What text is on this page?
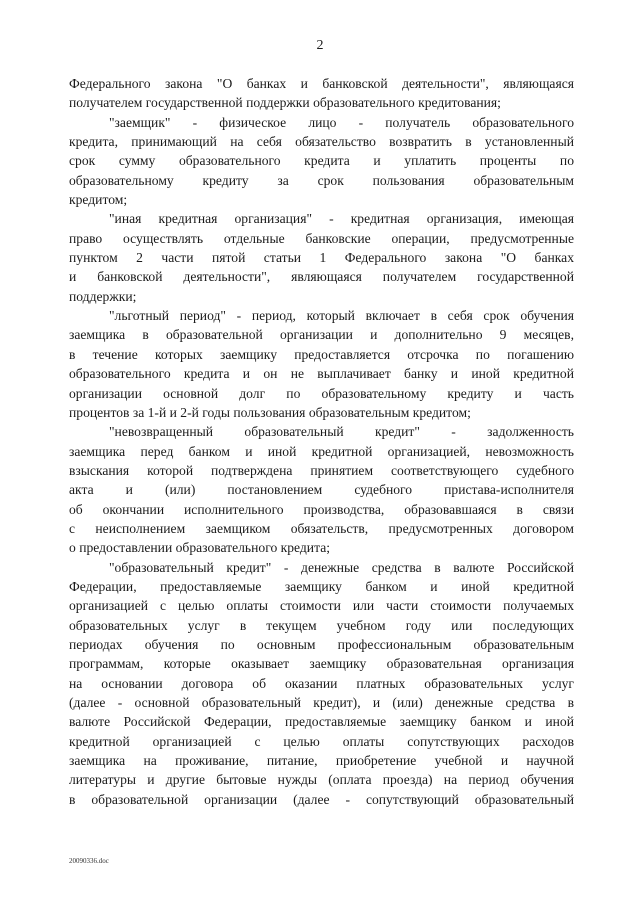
2
Федерального закона "О банках и банковской деятельности", являющаяся
получателем государственной поддержки образовательного кредитования;
"заемщик" - физическое лицо - получатель образовательного
кредита, принимающий на себя обязательство возвратить в установленный
срок сумму образовательного кредита и уплатить проценты по
образовательному кредиту за срок пользования образовательным
кредитом;
"иная кредитная организация" - кредитная организация, имеющая
право осуществлять отдельные банковские операции, предусмотренные
пунктом 2 части пятой статьи 1 Федерального закона "О банках
и банковской деятельности", являющаяся получателем государственной
поддержки;
"льготный период" - период, который включает в себя срок обучения
заемщика в образовательной организации и дополнительно 9 месяцев,
в течение которых заемщику предоставляется отсрочка по погашению
образовательного кредита и он не выплачивает банку и иной кредитной
организации основной долг по образовательному кредиту и часть
процентов за 1-й и 2-й годы пользования образовательным кредитом;
"невозвращенный образовательный кредит" - задолженность
заемщика перед банком и иной кредитной организацией, невозможность
взыскания которой подтверждена принятием соответствующего судебного
акта и (или) постановлением судебного пристава-исполнителя
об окончании исполнительного производства, образовавшаяся в связи
с неисполнением заемщиком обязательств, предусмотренных договором
о предоставлении образовательного кредита;
"образовательный кредит" - денежные средства в валюте Российской
Федерации, предоставляемые заемщику банком и иной кредитной
организацией с целью оплаты стоимости или части стоимости получаемых
образовательных услуг в текущем учебном году или последующих
периодах обучения по основным профессиональным образовательным
программам, которые оказывает заемщику образовательная организация
на основании договора об оказании платных образовательных услуг
(далее - основной образовательный кредит), и (или) денежные средства в
валюте Российской Федерации, предоставляемые заемщику банком и иной
кредитной организацией с целью оплаты сопутствующих расходов
заемщика на проживание, питание, приобретение учебной и научной
литературы и другие бытовые нужды (оплата проезда) на период обучения
в образовательной организации (далее - сопутствующий образовательный
20090336.doc
